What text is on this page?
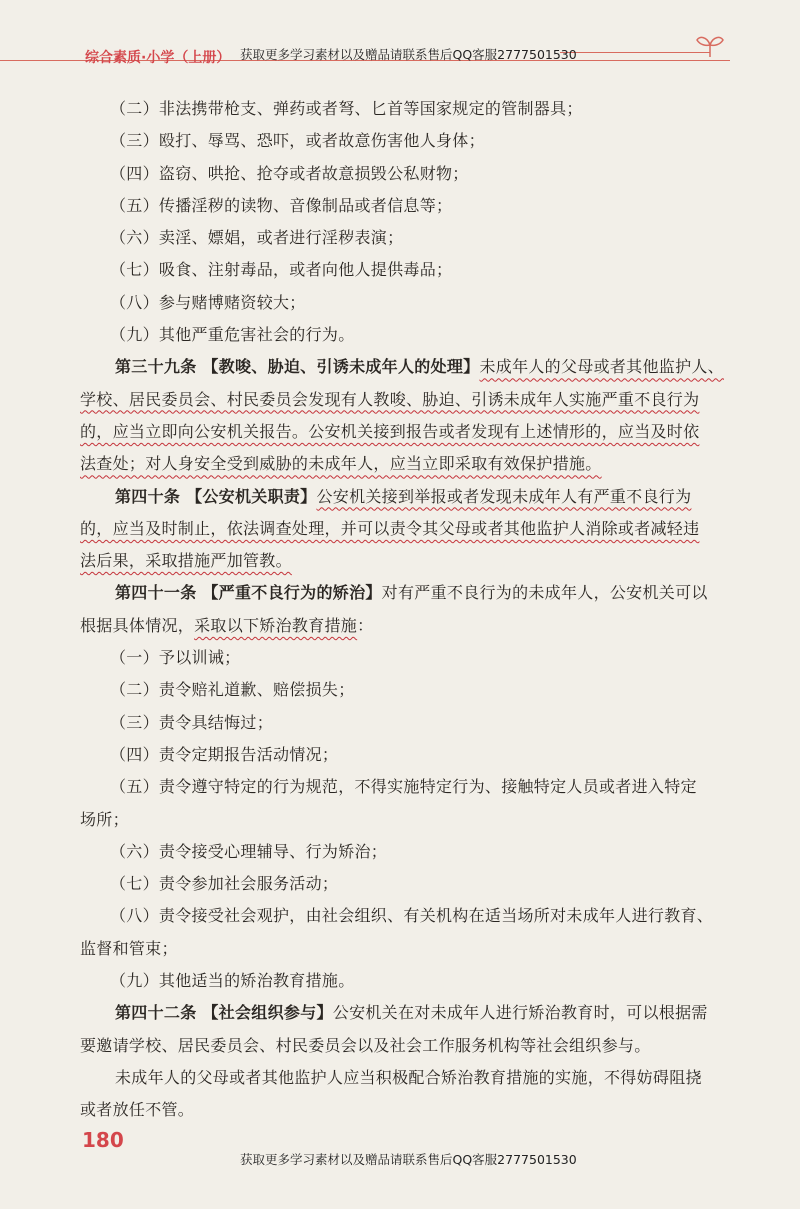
综合素质·小学（上册） 获取更多学习素材以及赠品请联系售后QQ客服2777501530
（二）非法携带枪支、弹药或者弩、匕首等国家规定的管制器具；
（三）殴打、辱骂、恐吓，或者故意伤害他人身体；
（四）盗窃、哄抢、抢夺或者故意损毁公私财物；
（五）传播淫秽的读物、音像制品或者信息等；
（六）卖淫、嫖娼，或者进行淫秽表演；
（七）吸食、注射毒品，或者向他人提供毒品；
（八）参与赌博赌资较大；
（九）其他严重危害社会的行为。
第三十九条 【教唆、胁迫、引诱未成年人的处理】未成年人的父母或者其他监护人、
学校、居民委员会、村民委员会发现有人教唆、胁迫、引诱未成年人实施严重不良行为
的，应当立即向公安机关报告。公安机关接到报告或者发现有上述情形的，应当及时依
法查处；对人身安全受到威胁的未成年人，应当立即采取有效保护措施。
第四十条 【公安机关职责】公安机关接到举报或者发现未成年人有严重不良行为
的，应当及时制止，依法调查处理，并可以责令其父母或者其他监护人消除或者减轻违
法后果，采取措施严加管教。
第四十一条 【严重不良行为的矫治】对有严重不良行为的未成年人，公安机关可以
根据具体情况，采取以下矫治教育措施：
（一）予以训诫；
（二）责令赔礼道歉、赔偿损失；
（三）责令具结悔过；
（四）责令定期报告活动情况；
（五）责令遵守特定的行为规范，不得实施特定行为、接触特定人员或者进入特定
场所；
（六）责令接受心理辅导、行为矫治；
（七）责令参加社会服务活动；
（八）责令接受社会观护，由社会组织、有关机构在适当场所对未成年人进行教育、
监督和管束；
（九）其他适当的矫治教育措施。
第四十二条 【社会组织参与】公安机关在对未成年人进行矫治教育时，可以根据需
要邀请学校、居民委员会、村民委员会以及社会工作服务机构等社会组织参与。
未成年人的父母或者其他监护人应当积极配合矫治教育措施的实施，不得妨碍阻挠
或者放任不管。
180
获取更多学习素材以及赠品请联系售后QQ客服2777501530
